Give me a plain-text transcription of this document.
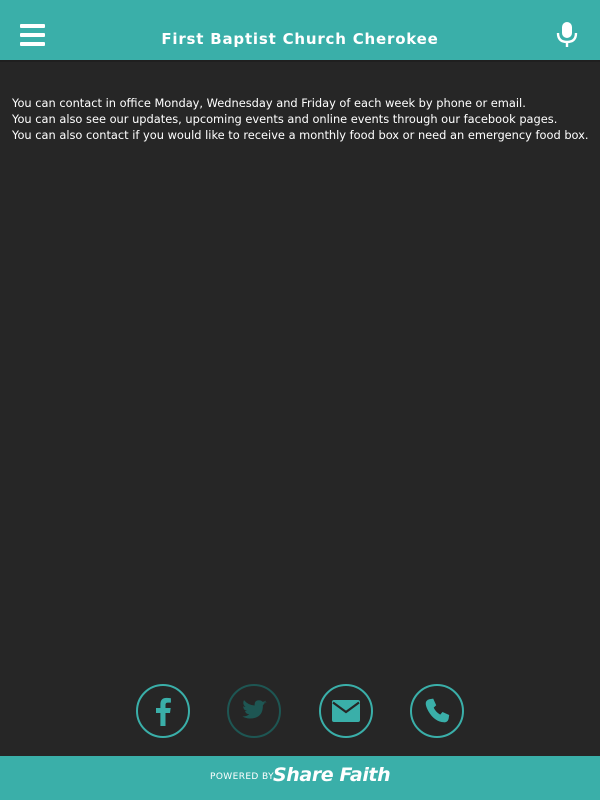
First Baptist Church Cherokee

You can contact in office Monday, Wednesday and Friday of each week by phone or email.

You can also see our updates, upcoming events and online events through our facebook pages.

You can also contact if you would like to receive a monthly food box or need an emergency food box.

POWERED BY
Share Faith
